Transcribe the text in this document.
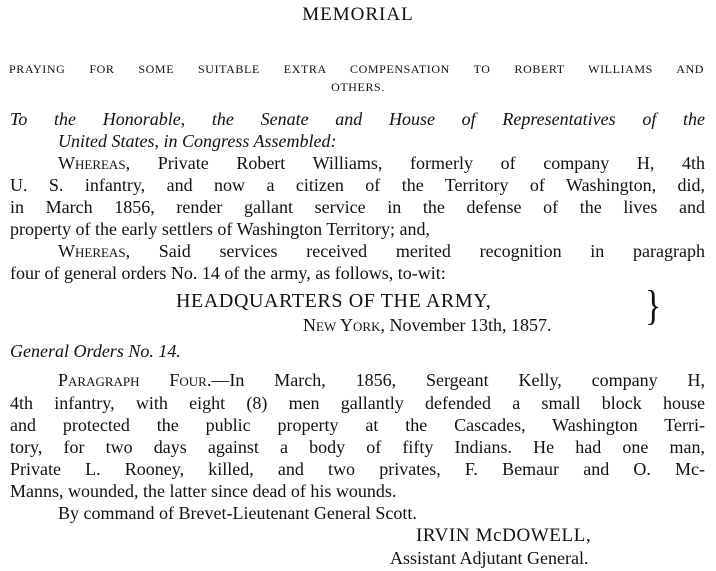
MEMORIAL
PRAYING FOR SOME SUITABLE EXTRA COMPENSATION TO ROBERT WILLIAMS AND
OTHERS.
To the Honorable, the Senate and House of Representatives of the
United States, in Congress Assembled:
Whereas, Private Robert Williams, formerly of company H, 4th
U. S. infantry, and now a citizen of the Territory of Washington, did,
in March 1856, render gallant service in the defense of the lives and
property of the early settlers of Washington Territory; and,
Whereas, Said services received merited recognition in paragraph
four of general orders No. 14 of the army, as follows, to-wit:
HEADQUARTERS OF THE ARMY,
New York, November 13th, 1857.	}
General Orders No. 14.
Paragraph Four.—In March, 1856, Sergeant Kelly, company H,
4th infantry, with eight (8) men gallantly defended a small block house
and protected the public property at the Cascades, Washington Terri-
tory, for two days against a body of fifty Indians. He had one man,
Private L. Rooney, killed, and two privates, F. Bemaur and O. Mc-
Manns, wounded, the latter since dead of his wounds.
By command of Brevet-Lieutenant General Scott.
IRVIN McDOWELL,
Assistant Adjutant General.
